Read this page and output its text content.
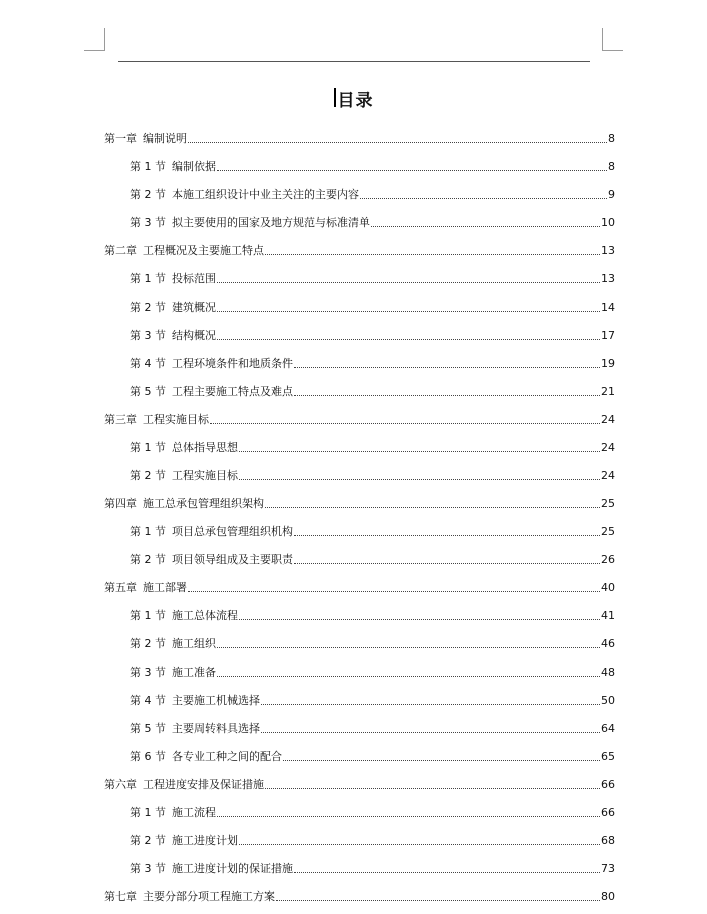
目录
第一章 编制说明	8
第 1 节 编制依据	8
第 2 节 本施工组织设计中业主关注的主要内容	9
第 3 节 拟主要使用的国家及地方规范与标准清单	10
第二章 工程概况及主要施工特点	13
第 1 节 投标范围	13
第 2 节 建筑概况	14
第 3 节 结构概况	17
第 4 节 工程环境条件和地质条件	19
第 5 节 工程主要施工特点及难点	21
第三章 工程实施目标	24
第 1 节 总体指导思想	24
第 2 节 工程实施目标	24
第四章 施工总承包管理组织架构	25
第 1 节 项目总承包管理组织机构	25
第 2 节 项目领导组成及主要职责	26
第五章 施工部署	40
第 1 节 施工总体流程	41
第 2 节 施工组织	46
第 3 节 施工准备	48
第 4 节 主要施工机械选择	50
第 5 节 主要周转料具选择	64
第 6 节 各专业工种之间的配合	65
第六章 工程进度安排及保证措施	66
第 1 节 施工流程	66
第 2 节 施工进度计划	68
第 3 节 施工进度计划的保证措施	73
第七章 主要分部分项工程施工方案	80
